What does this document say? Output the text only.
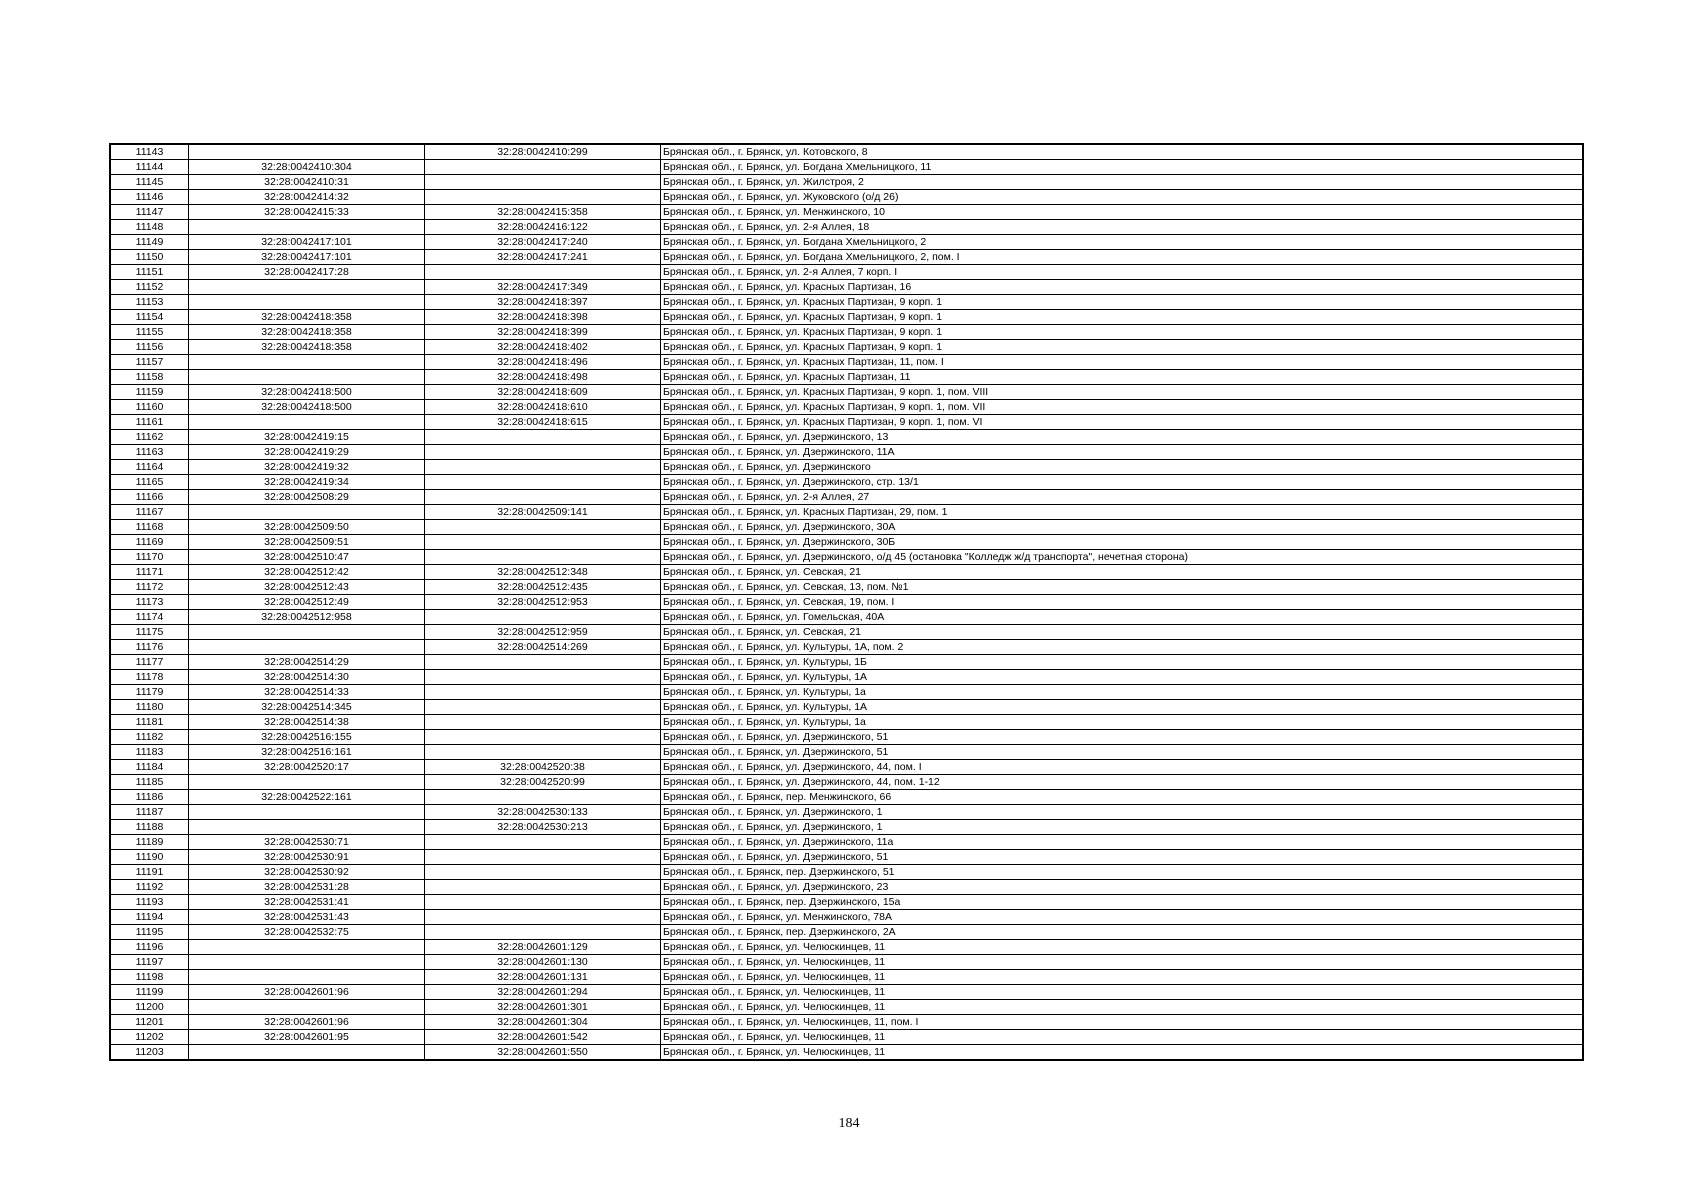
11143		32:28:0042410:299	Брянская обл., г. Брянск, ул. Котовского, 8
11144	32:28:0042410:304		Брянская обл., г. Брянск, ул. Богдана Хмельницкого, 11
11145	32:28:0042410:31		Брянская обл., г. Брянск, ул. Жилстроя, 2
11146	32:28:0042414:32		Брянская обл., г. Брянск, ул. Жуковского (о/д 26)
11147	32:28:0042415:33	32:28:0042415:358	Брянская обл., г. Брянск, ул. Менжинского, 10
11148		32:28:0042416:122	Брянская обл., г. Брянск, ул. 2-я Аллея, 18
11149	32:28:0042417:101	32:28:0042417:240	Брянская обл., г. Брянск, ул. Богдана Хмельницкого, 2
11150	32:28:0042417:101	32:28:0042417:241	Брянская обл., г. Брянск, ул. Богдана Хмельницкого, 2, пом. I
11151	32:28:0042417:28		Брянская обл., г. Брянск, ул. 2-я Аллея, 7 корп. I
11152		32:28:0042417:349	Брянская обл., г. Брянск, ул. Красных Партизан, 16
11153		32:28:0042418:397	Брянская обл., г. Брянск, ул. Красных Партизан, 9 корп. 1
11154	32:28:0042418:358	32:28:0042418:398	Брянская обл., г. Брянск, ул. Красных Партизан, 9 корп. 1
11155	32:28:0042418:358	32:28:0042418:399	Брянская обл., г. Брянск, ул. Красных Партизан, 9 корп. 1
11156	32:28:0042418:358	32:28:0042418:402	Брянская обл., г. Брянск, ул. Красных Партизан, 9 корп. 1
11157		32:28:0042418:496	Брянская обл., г. Брянск, ул. Красных Партизан, 11, пом. I
11158		32:28:0042418:498	Брянская обл., г. Брянск, ул. Красных Партизан, 11
11159	32:28:0042418:500	32:28:0042418:609	Брянская обл., г. Брянск, ул. Красных Партизан, 9 корп. 1, пом. VIII
11160	32:28:0042418:500	32:28:0042418:610	Брянская обл., г. Брянск, ул. Красных Партизан, 9 корп. 1, пом. VII
11161		32:28:0042418:615	Брянская обл., г. Брянск, ул. Красных Партизан, 9 корп. 1, пом. VI
11162	32:28:0042419:15		Брянская обл., г. Брянск, ул. Дзержинского, 13
11163	32:28:0042419:29		Брянская обл., г. Брянск, ул. Дзержинского, 11А
11164	32:28:0042419:32		Брянская обл., г. Брянск, ул. Дзержинского
11165	32:28:0042419:34		Брянская обл., г. Брянск, ул. Дзержинского, стр. 13/1
11166	32:28:0042508:29		Брянская обл., г. Брянск, ул. 2-я Аллея, 27
11167		32:28:0042509:141	Брянская обл., г. Брянск, ул. Красных Партизан, 29, пом. 1
11168	32:28:0042509:50		Брянская обл., г. Брянск, ул. Дзержинского, 30А
11169	32:28:0042509:51		Брянская обл., г. Брянск, ул. Дзержинского, 30Б
11170	32:28:0042510:47		Брянская обл., г. Брянск, ул. Дзержинского, о/д 45 (остановка "Колледж ж/д транспорта", нечетная сторона)
11171	32:28:0042512:42	32:28:0042512:348	Брянская обл., г. Брянск, ул. Севская, 21
11172	32:28:0042512:43	32:28:0042512:435	Брянская обл., г. Брянск, ул. Севская, 13, пом. №1
11173	32:28:0042512:49	32:28:0042512:953	Брянская обл., г. Брянск, ул. Севская, 19, пом. I
11174	32:28:0042512:958		Брянская обл., г. Брянск, ул. Гомельская, 40А
11175		32:28:0042512:959	Брянская обл., г. Брянск, ул. Севская, 21
11176		32:28:0042514:269	Брянская обл., г. Брянск, ул. Культуры, 1А, пом. 2
11177	32:28:0042514:29		Брянская обл., г. Брянск, ул. Культуры, 1Б
11178	32:28:0042514:30		Брянская обл., г. Брянск, ул. Культуры, 1А
11179	32:28:0042514:33		Брянская обл., г. Брянск, ул. Культуры, 1а
11180	32:28:0042514:345		Брянская обл., г. Брянск, ул. Культуры, 1А
11181	32:28:0042514:38		Брянская обл., г. Брянск, ул. Культуры, 1а
11182	32:28:0042516:155		Брянская обл., г. Брянск, ул. Дзержинского, 51
11183	32:28:0042516:161		Брянская обл., г. Брянск, ул. Дзержинского, 51
11184	32:28:0042520:17	32:28:0042520:38	Брянская обл., г. Брянск, ул. Дзержинского, 44, пом. I
11185		32:28:0042520:99	Брянская обл., г. Брянск, ул. Дзержинского, 44, пом. 1-12
11186	32:28:0042522:161		Брянская обл., г. Брянск, пер. Менжинского, 66
11187		32:28:0042530:133	Брянская обл., г. Брянск, ул. Дзержинского, 1
11188		32:28:0042530:213	Брянская обл., г. Брянск, ул. Дзержинского, 1
11189	32:28:0042530:71		Брянская обл., г. Брянск, ул. Дзержинского, 11а
11190	32:28:0042530:91		Брянская обл., г. Брянск, ул. Дзержинского, 51
11191	32:28:0042530:92		Брянская обл., г. Брянск, пер. Дзержинского, 51
11192	32:28:0042531:28		Брянская обл., г. Брянск, ул. Дзержинского, 23
11193	32:28:0042531:41		Брянская обл., г. Брянск, пер. Дзержинского, 15а
11194	32:28:0042531:43		Брянская обл., г. Брянск, ул. Менжинского, 78А
11195	32:28:0042532:75		Брянская обл., г. Брянск, пер. Дзержинского, 2А
11196		32:28:0042601:129	Брянская обл., г. Брянск, ул. Челюскинцев, 11
11197		32:28:0042601:130	Брянская обл., г. Брянск, ул. Челюскинцев, 11
11198		32:28:0042601:131	Брянская обл., г. Брянск, ул. Челюскинцев, 11
11199	32:28:0042601:96	32:28:0042601:294	Брянская обл., г. Брянск, ул. Челюскинцев, 11
11200		32:28:0042601:301	Брянская обл., г. Брянск, ул. Челюскинцев, 11
11201	32:28:0042601:96	32:28:0042601:304	Брянская обл., г. Брянск, ул. Челюскинцев, 11, пом. I
11202	32:28:0042601:95	32:28:0042601:542	Брянская обл., г. Брянск, ул. Челюскинцев, 11
11203		32:28:0042601:550	Брянская обл., г. Брянск, ул. Челюскинцев, 11
184
